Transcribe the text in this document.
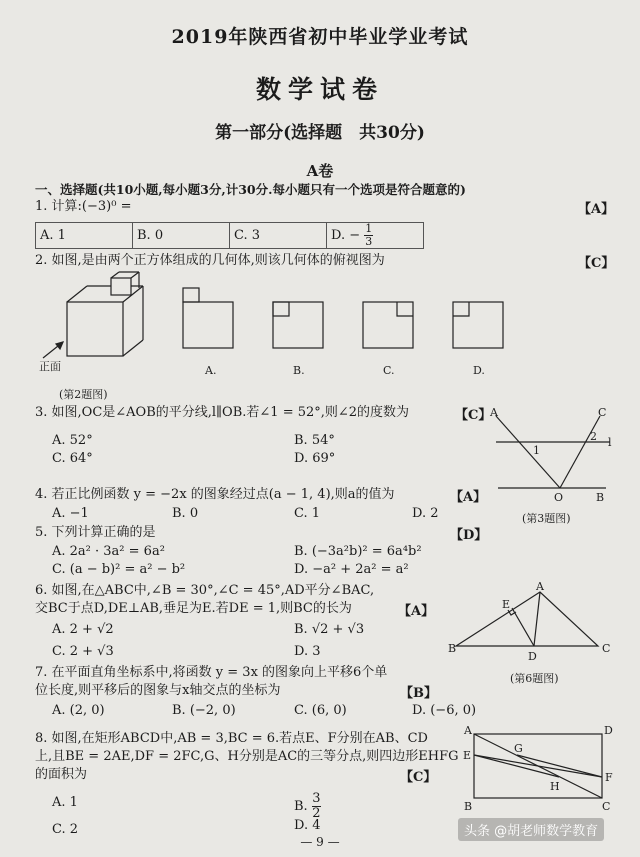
2019年陕西省初中毕业学业考试
数学试卷
第一部分(选择题　共30分)
A卷
一、选择题(共10小题,每小题3分,计30分.每小题只有一个选项是符合题意的)
1. 计算:(−3)⁰ =	【A】
A. 1	B. 0	C. 3	D. − $\frac{1}{3}$
2. 如图,是由两个正方体组成的几何体,则该几何体的俯视图为	【C】
正面	A.	B.	C.	D.
(第2题图)
3. 如图,OC是∠AOB的平分线,l∥OB.若∠1 = 52°,则∠2的度数为	【C】
A. 52°	B. 54°
C. 64°	D. 69°
A	C
1
2 l
O	B
(第3题图)
4. 若正比例函数 y = −2x 的图象经过点(a − 1, 4),则a的值为	【A】
A. −1	B. 0	C. 1	D. 2
5. 下列计算正确的是	【D】
A. 2a² · 3a² = 6a²	B. (−3a²b)² = 6a⁴b²
C. (a − b)² = a² − b²	D. −a² + 2a² = a²
6. 如图,在△ABC中,∠B = 30°,∠C = 45°,AD平分∠BAC,
交BC于点D,DE⊥AB,垂足为E.若DE = 1,则BC的长为	【A】
A. 2 + √2	B. √2 + √3
C. 2 + √3	D. 3
A
E
B	C
D
(第6题图)
7. 在平面直角坐标系中,将函数 y = 3x 的图象向上平移6个单
位长度,则平移后的图象与x轴交点的坐标为	【B】
A. (2, 0)	B. (−2, 0)	C. (6, 0)	D. (−6, 0)
8. 如图,在矩形ABCD中,AB = 3,BC = 6.若点E、F分别在AB、CD
上,且BE = 2AE,DF = 2FC,G、H分别是AC的三等分点,则四边形EHFG
的面积为	【C】
A. 1	B. $\frac{3}{2}$
C. 2	D. 4
A	D
G
E
F
H
B	C
— 9 —
头条 @胡老师数学教育
